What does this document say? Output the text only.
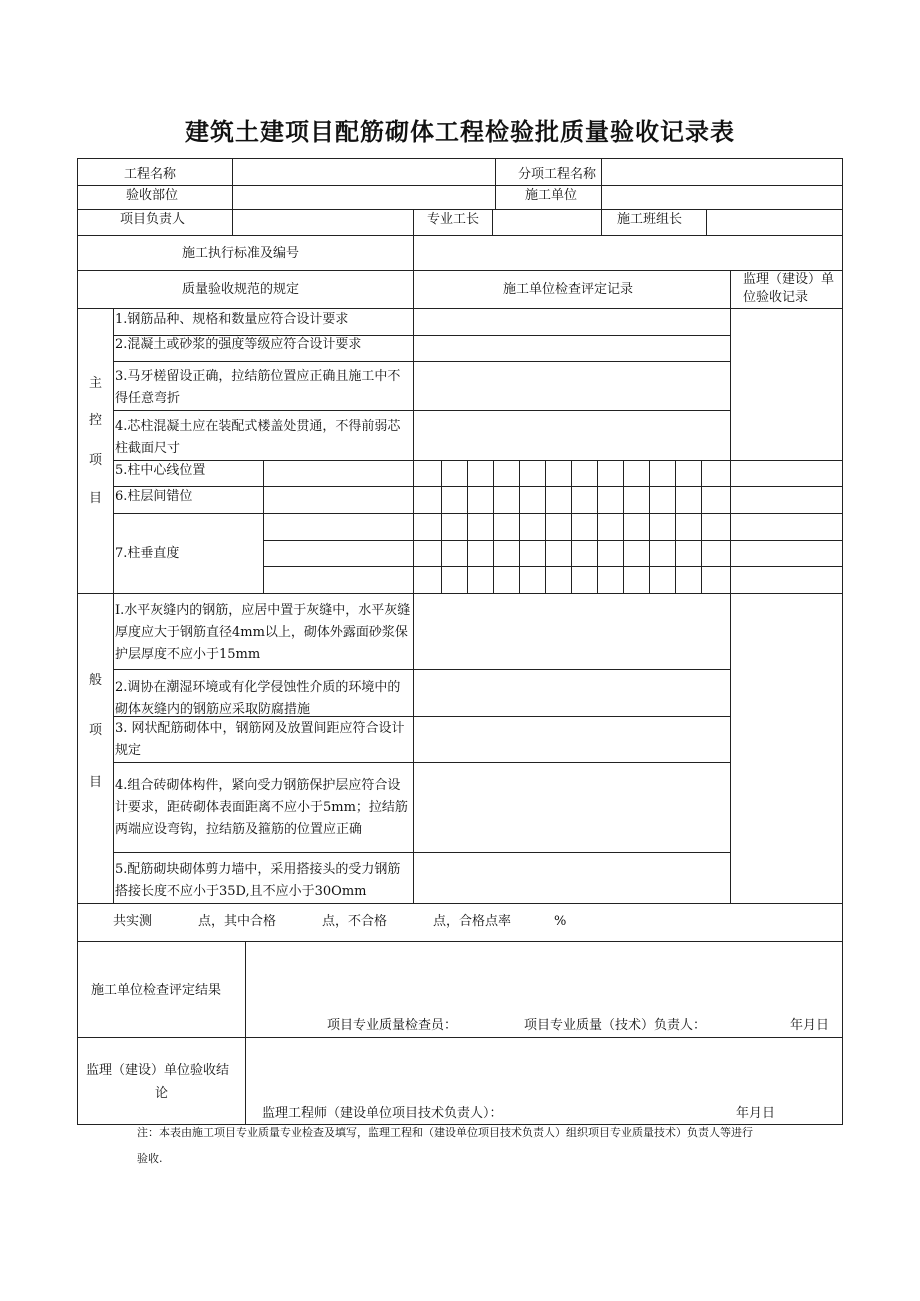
建筑土建项目配筋砌体工程检验批质量验收记录表
工程名称	分项工程名称
验收部位	施工单位
项目负责人	专业工长	施工班组长
施工执行标准及编号
质量验收规范的规定	施工单位检查评定记录
监理（建设）单
位验收记录
主
控
项
目
1.钢筋品种、规格和数量应符合设计要求
2.混凝土或砂浆的强度等级应符合设计要求
3.马牙槎留设正确，拉结筋位置应正确且施工中不得任意弯折
4.芯柱混凝土应在装配式楼盖处贯通，不得前弱芯柱截面尺寸
5.柱中心线位置
6.柱层间错位
7.柱垂直度
般
项
目
I.水平灰缝内的钢筋，应居中置于灰缝中，水平灰缝厚度应大于钢筋直径4mm以上，砌体外露面砂浆保护层厚度不应小于15mm
2.调协在潮湿环境或有化学侵蚀性介质的环境中的砌体灰缝内的钢筋应采取防腐措施
3. 网状配筋砌体中，钢筋网及放置间距应符合设计规定
4.组合砖砌体构件，紧向受力钢筋保护层应符合设计要求，距砖砌体表面距离不应小于5mm；拉结筋两端应设弯钩，拉结筋及箍筋的位置应正确
5.配筋砌块砌体剪力墙中，采用搭接头的受力钢筋搭接长度不应小于35D,且不应小于30Omm
共实测	点，其中合格	点，不合格	点，合格点率	%
施工单位检查评定结果
项目专业质量检查员：	项目专业质量（技术）负责人：	年月日
监理（建设）单位验收结
论
监理工程师（建设单位项目技术负责人）：	年月日
注：本表由施工项目专业质量专业检查及填写，监理工程和（建设单位项目技术负责人）组织项目专业质量技术）负责人等进行
验收.
